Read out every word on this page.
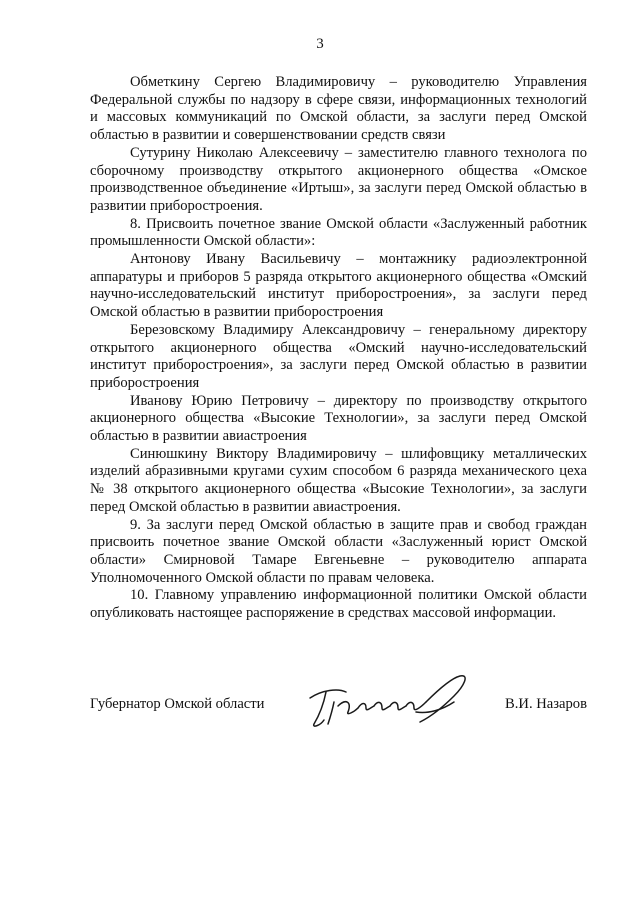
3

Обметкину Сергею Владимировичу – руководителю Управления Федеральной службы по надзору в сфере связи, информационных технологий и массовых коммуникаций по Омской области, за заслуги перед Омской областью в развитии и совершенствовании средств связи

Сутурину Николаю Алексеевичу – заместителю главного технолога по сборочному производству открытого акционерного общества «Омское производственное объединение «Иртыш», за заслуги перед Омской областью в развитии приборостроения.

8. Присвоить почетное звание Омской области «Заслуженный работник промышленности Омской области»:

Антонову Ивану Васильевичу – монтажнику радиоэлектронной аппаратуры и приборов 5 разряда открытого акционерного общества «Омский научно-исследовательский институт приборостроения», за заслуги перед Омской областью в развитии приборостроения

Березовскому Владимиру Александровичу – генеральному директору открытого акционерного общества «Омский научно-исследовательский институт приборостроения», за заслуги перед Омской областью в развитии приборостроения

Иванову Юрию Петровичу – директору по производству открытого акционерного общества «Высокие Технологии», за заслуги перед Омской областью в развитии авиастроения

Синюшкину Виктору Владимировичу – шлифовщику металлических изделий абразивными кругами сухим способом 6 разряда механического цеха № 38 открытого акционерного общества «Высокие Технологии», за заслуги перед Омской областью в развитии авиастроения.

9. За заслуги перед Омской областью в защите прав и свобод граждан присвоить почетное звание Омской области «Заслуженный юрист Омской области» Смирновой Тамаре Евгеньевне – руководителю аппарата Уполномоченного Омской области по правам человека.

10. Главному управлению информационной политики Омской области опубликовать настоящее распоряжение в средствах массовой информации.

Губернатор Омской области	В.И. Назаров
